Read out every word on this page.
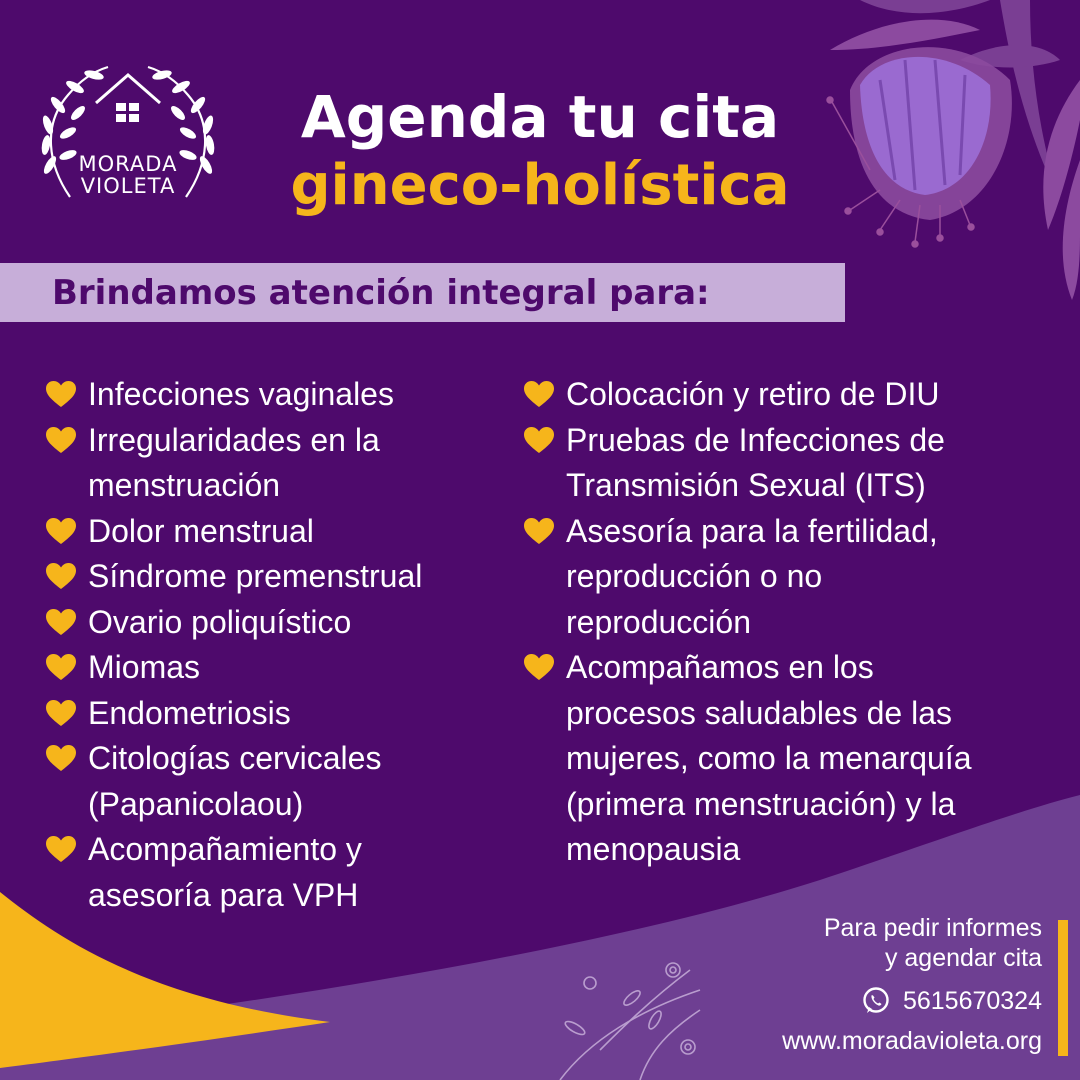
MORADA
VIOLETA
Agenda tu cita
gineco-holística
Brindamos atención integral para:
Infecciones vaginales
Irregularidades en la
menstruación
Dolor menstrual
Síndrome premenstrual
Ovario poliquístico
Miomas
Endometriosis
Citologías cervicales
(Papanicolaou)
Acompañamiento y
asesoría para VPH
Colocación y retiro de DIU
Pruebas de Infecciones de
Transmisión Sexual (ITS)
Asesoría para la fertilidad,
reproducción o no
reproducción
Acompañamos en los
procesos saludables de las
mujeres, como la menarquía
(primera menstruación) y la
menopausia
Para pedir informes
y agendar cita
5615670324
www.moradavioleta.org
